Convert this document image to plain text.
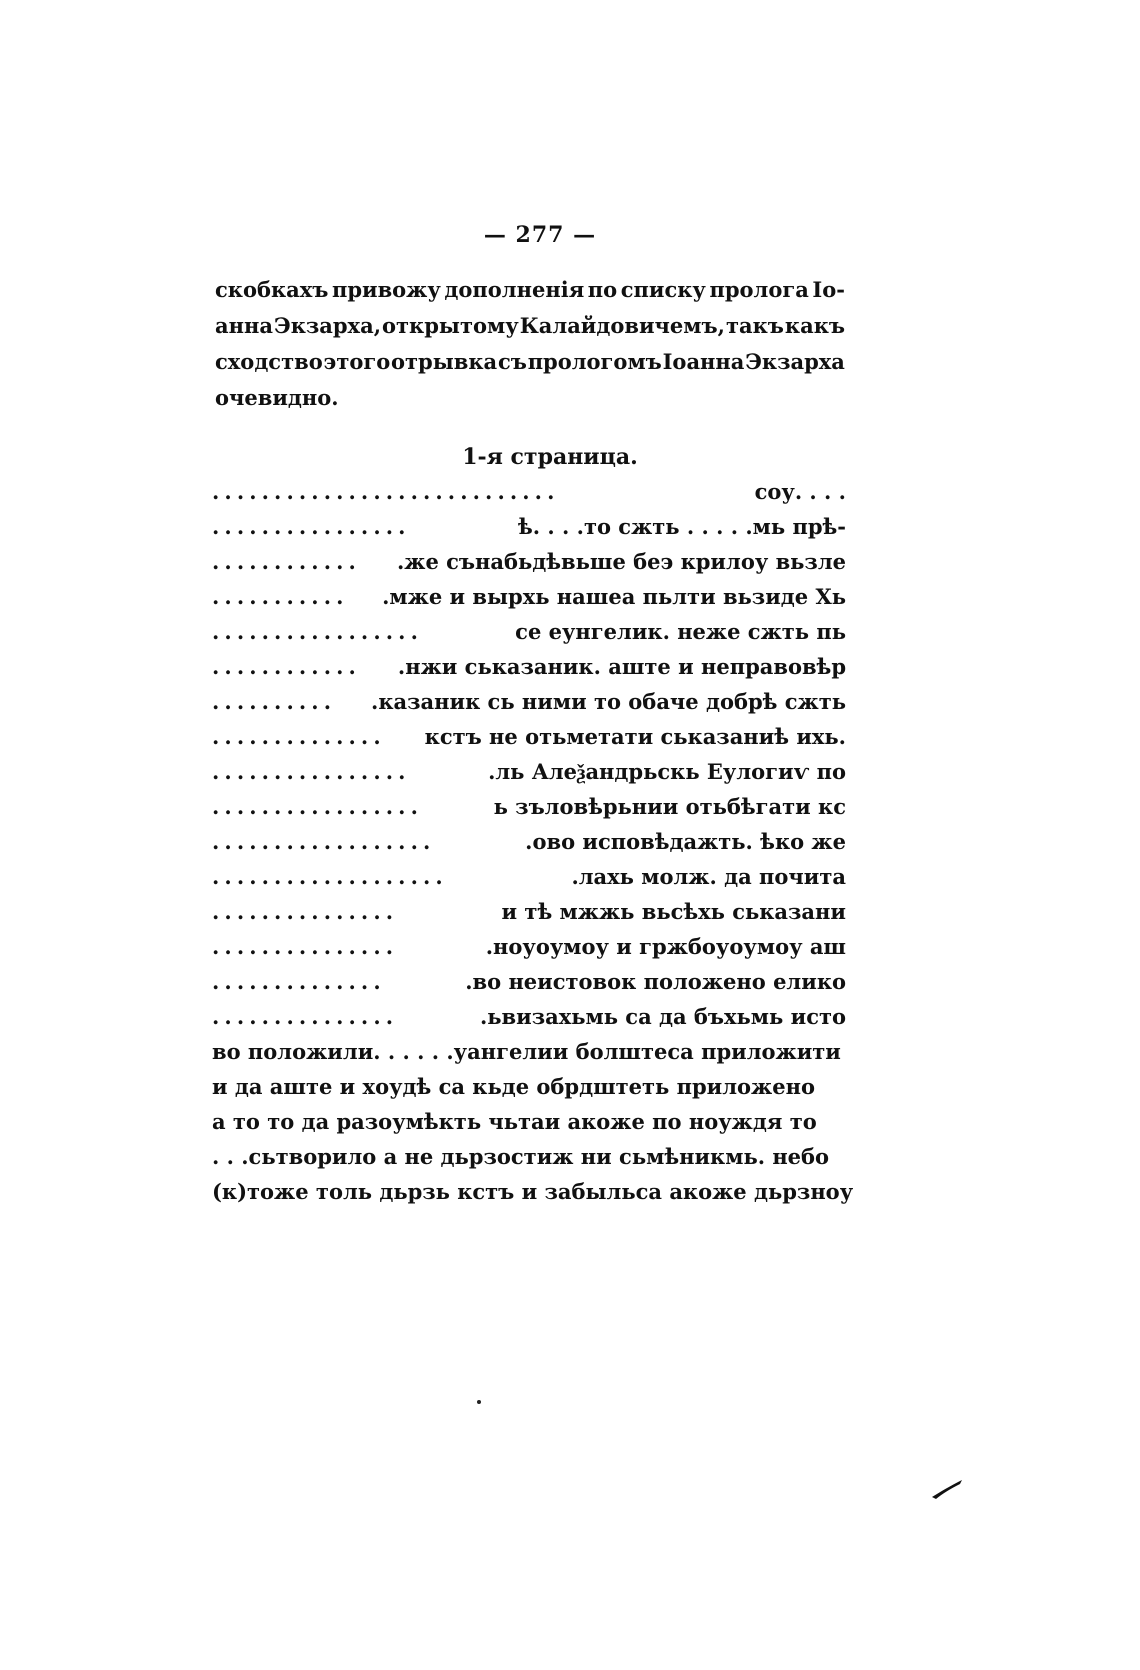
— 277 —
скобкахъ привожу дополненія по списку пролога Іо-
анна Экзарха, открытому Калайдовичемъ, такъ какъ
сходство этого отрывка съ прологомъ Іоанна Экзарха
очевидно.
1-я страница.
............................	соу. . . .
................	ѣ. . . .то сжть . . . . .мь прѣ-
............	.же сънабьдѣвьше беэ крилоу вьзле
...........	.мже и вырхь нашеа пьлти вьзиде Хь
.................	се еунгелик. неже сжть пь
............	.нжи ськазаник. аште и неправовѣр
..........	.казаник сь ними то обаче добрѣ сжть
..............	кстъ не отьметати ськазаниѣ ихь.
................	.ль Алеѯандрьскь Еулогиѵ по
.................	ь зъловѣрьнии отьбѣгати кс
..................	.ово исповѣдажть. ѣко же
...................	.лахь молж. да почита
...............	и тѣ мжжь вьсѣхь ськазани
...............	.ноуоумоу и гржбоуоумоу аш
..............	.во неистовок положено елико
...............	.ьвизахьмь са да бъхьмь исто
во положили. . . . . .уангелии болштеса приложити
и да аште и хоудѣ са кьде обрдштеть приложено
а то то да разоумѣкть чьтаи акоже по ноуждя то
. . .сьтворило а не дьрзостиж ни сьмѣникмь. небо
(к)тоже толь дьрзь кстъ и забыльса акоже дьрзноу
